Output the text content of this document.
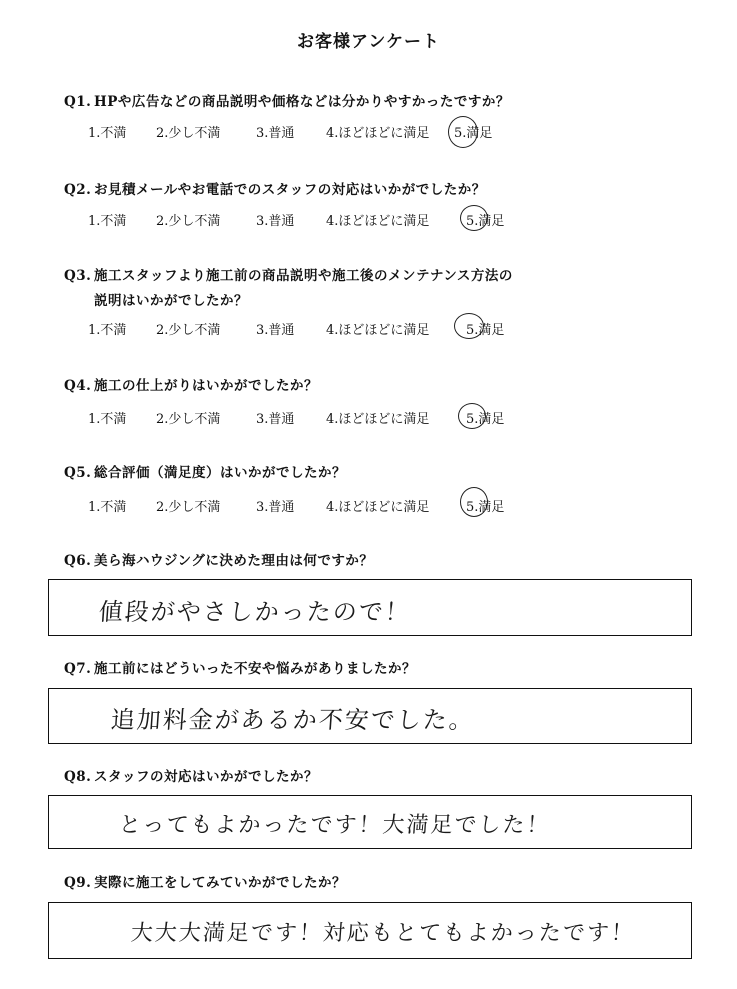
お客様アンケート
Q1. HPや広告などの商品説明や価格などは分かりやすかったですか？
1.不満 2.少し不満	3.普通 4.ほどほどに満足 5.満足
Q2. お見積メールやお電話でのスタッフの対応はいかがでしたか？
1.不満 2.少し不満	3.普通 4.ほどほどに満足	5.満足
Q3. 施工スタッフより施工前の商品説明や施工後のメンテナンス方法の
説明はいかがでしたか？
1.不満 2.少し不満	3.普通 4.ほどほどに満足	5.満足
Q4. 施工の仕上がりはいかがでしたか？
1.不満 2.少し不満	3.普通 4.ほどほどに満足	5.満足
Q5. 総合評価（満足度）はいかがでしたか？
1.不満 2.少し不満	3.普通 4.ほどほどに満足	5.満足
Q6. 美ら海ハウジングに決めた理由は何ですか？
値段がやさしかったので！
Q7. 施工前にはどういった不安や悩みがありましたか？
追加料金があるか不安でした。
Q8. スタッフの対応はいかがでしたか？
とってもよかったです！大満足でした！
Q9. 実際に施工をしてみていかがでしたか？
大大大満足です！対応もとてもよかったです！
